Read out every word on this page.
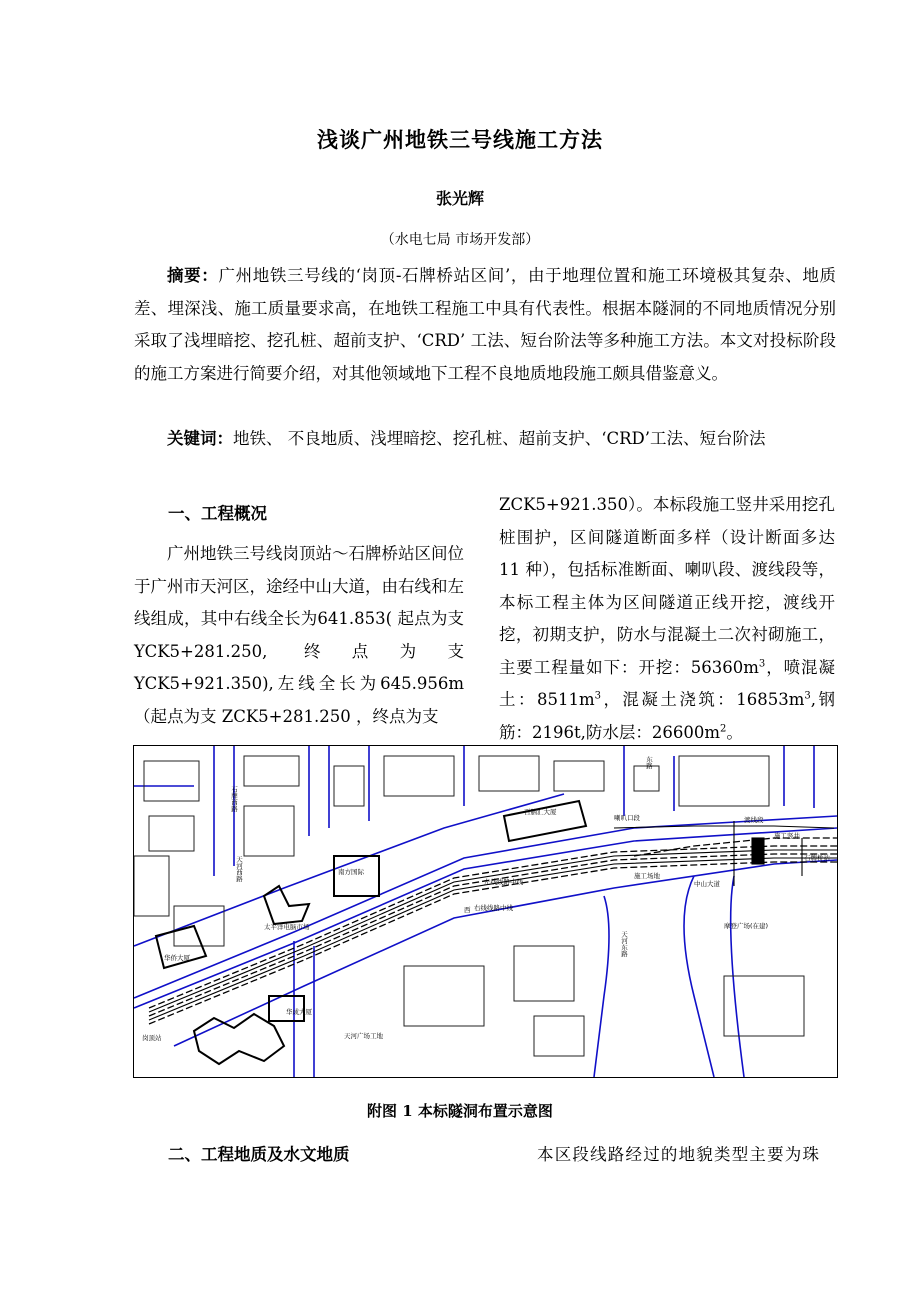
浅谈广州地铁三号线施工方法
张光辉
（水电七局 市场开发部）
摘要：广州地铁三号线的‘岗顶-石牌桥站区间’，由于地理位置和施工环境极其复杂、地质差、埋深浅、施工质量要求高，在地铁工程施工中具有代表性。根据本隧洞的不同地质情况分别采取了浅埋暗挖、挖孔桩、超前支护、‘CRD’ 工法、短台阶法等多种施工方法。本文对投标阶段的施工方案进行简要介绍，对其他领域地下工程不良地质地段施工颇具借鉴意义。
关键词：地铁、 不良地质、浅埋暗挖、挖孔桩、超前支护、‘CRD’工法、短台阶法
一、工程概况
广州地铁三号线岗顶站～石牌桥站区间位于广州市天河区，途经中山大道，由右线和左线组成，其中右线全长为641.853( 起点为支 YCK5+281.250, 终点为支 YCK5+921.350),左线全长为645.956m（起点为支 ZCK5+281.250 ，终点为支
ZCK5+921.350）。本标段施工竖井采用挖孔桩围护，区间隧道断面多样（设计断面多达 11 种），包括标准断面、喇叭段、渡线段等，本标工程主体为区间隧道正线开挖，渡线开挖，初期支护，防水与混凝土二次衬砌施工，主要工程量如下：开挖：$56360m^3$，喷混凝土：$8511m^3$，混凝土浇筑：$16853m^3$,钢筋：2196t,防水层：$26600m^2$。
石牌西路
天河西路
太平洋电脑市场
华侨大厦
南方国际
岗顶站
右线线路中线
左线线路中线
施工场地
喇叭口段	渡线段
施工竖井
石牌桥站
天河东路
中山大道
摩登广场(在建)
天河广场工地
华成大厦
百脑汇大厦
东路
西
附图 1 本标隧洞布置示意图
二、工程地质及水文地质	本区段线路经过的地貌类型主要为珠
